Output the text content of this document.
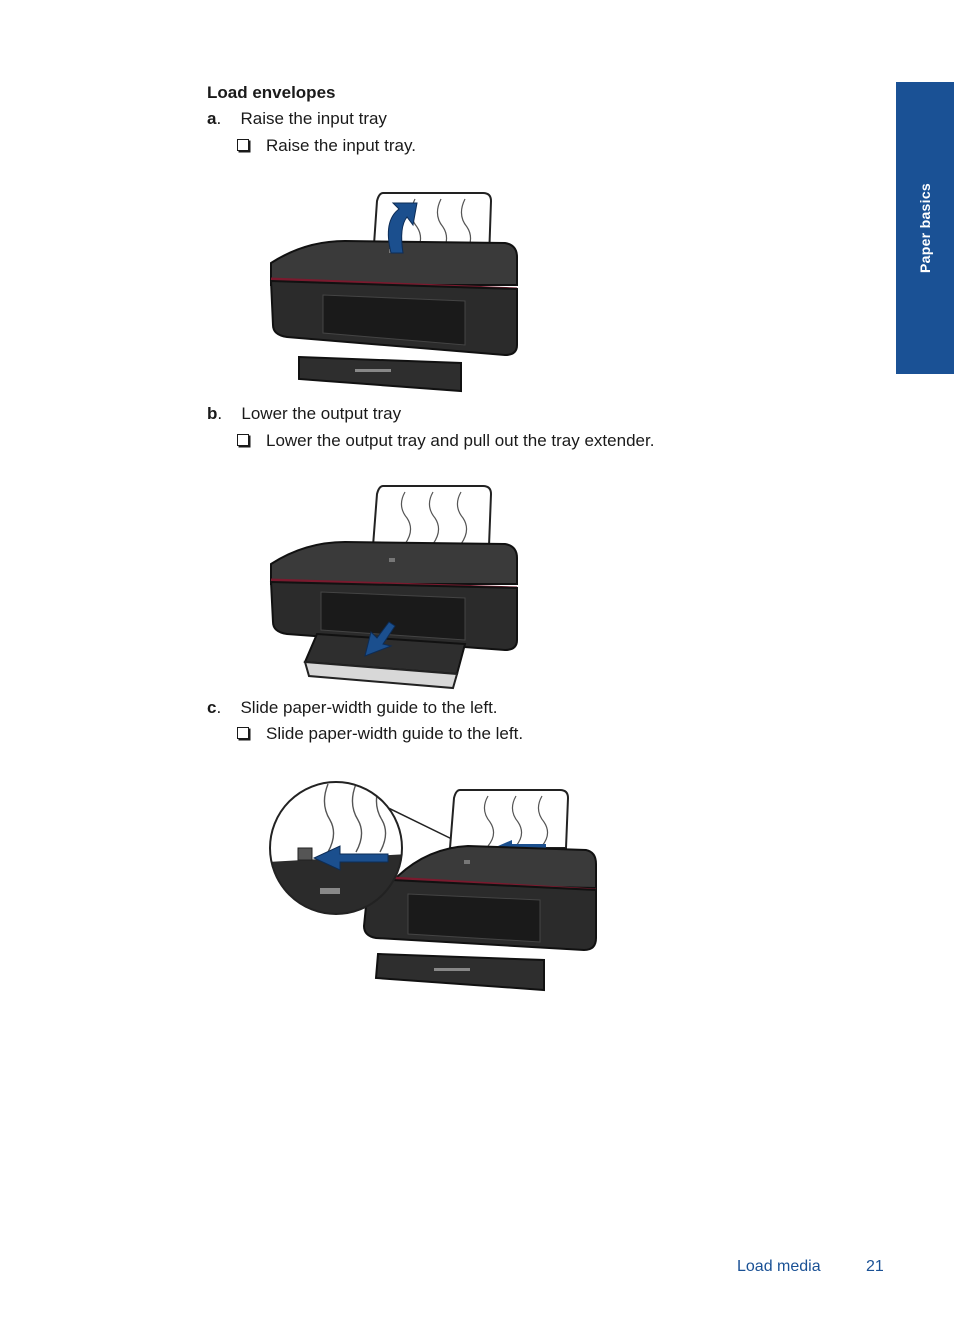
Paper basics
Load envelopes
a. Raise the input tray
Raise the input tray.
b. Lower the output tray
Lower the output tray and pull out the tray extender.
c. Slide paper-width guide to the left.
Slide paper-width guide to the left.
Load media	21
